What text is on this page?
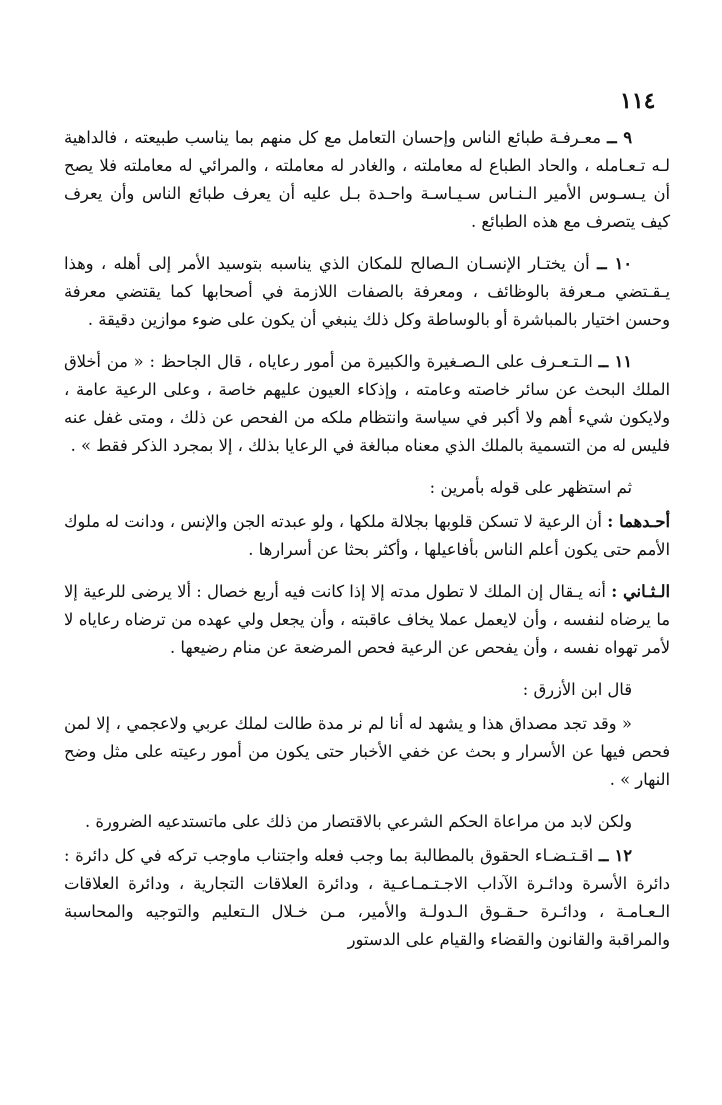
١١٤

٩ ــ معـرفـة طبائع الناس وإحسان التعامل مع كل منهم بما يناسب طبيعته ، فالداهية لـه تـعـامله ، والحاد الطباع له معاملته ، والغادر له معاملته ، والمرائي له معاملته فلا يصح أن يـسـوس الأمير الـنـاس سـيـاسـة واحـدة بـل عليه أن يعرف طبائع الناس وأن يعرف كيف يتصرف مع هذه الطبائع .

١٠ ــ أن يختـار الإنسـان الـصالح للمكان الذي يناسبه بتوسيد الأمر إلى أهله ، وهذا يـقـتضي مـعرفة بالوظائف ، ومعرفة بالصفات اللازمة في أصحابها كما يقتضي معرفة وحسن اختيار بالمباشرة أو بالوساطة وكل ذلك ينبغي أن يكون على ضوء موازين دقيقة .

١١ ــ الـتـعـرف على الـصـغيرة والكبيرة من أمور رعاياه ، قال الجاحظ : « من أخلاق الملك البحث عن سائر خاصته وعامته ، وإذكاء العيون عليهم خاصة ، وعلى الرعية عامة ، ولايكون شيء أهم ولا أكبر في سياسة وانتظام ملكه من الفحص عن ذلك ، ومتى غفل عنه فليس له من التسمية بالملك الذي معناه مبالغة في الرعايا بذلك ، إلا بمجرد الذكر فقط » .

ثم استظهر على قوله بأمرين :

أحـدهما : أن الرعية لا تسكن قلوبها بجلالة ملكها ، ولو عبدته الجن والإنس ، ودانت له ملوك الأمم حتى يكون أعلم الناس بأفاعيلها ، وأكثر بحثا عن أسرارها .

الـثـاني : أنه يـقال إن الملك لا تطول مدته إلا إذا كانت فيه أربع خصال : ألا يرضى للرعية إلا ما يرضاه لنفسه ، وأن لايعمل عملا يخاف عاقبته ، وأن يجعل ولي عهده من ترضاه رعاياه لا لأمر تهواه نفسه ، وأن يفحص عن الرعية فحص المرضعة عن منام رضيعها .

قال ابن الأزرق :

« وقد تجد مصداق هذا و يشهد له أنا لم نر مدة طالت لملك عربي ولاعجمي ، إلا لمن فحص فيها عن الأسرار و بحث عن خفي الأخبار حتى يكون من أمور رعيته على مثل وضح النهار » .

ولكن لابد من مراعاة الحكم الشرعي بالاقتصار من ذلك على ماتستدعيه الضرورة .

١٢ ــ اقـتـضـاء الحقوق بالمطالبة بما وجب فعله واجتناب ماوجب تركه في كل دائرة : دائرة الأسرة ودائـرة الآداب الاجـتـمـاعـية ، ودائرة العلاقات التجارية ، ودائرة العلاقات الـعـامـة ، ودائـرة حـقـوق الـدولـة والأمير، مـن خـلال الـتعليم والتوجيه والمحاسبة والمراقبة والقانون والقضاء والقيام على الدستور
